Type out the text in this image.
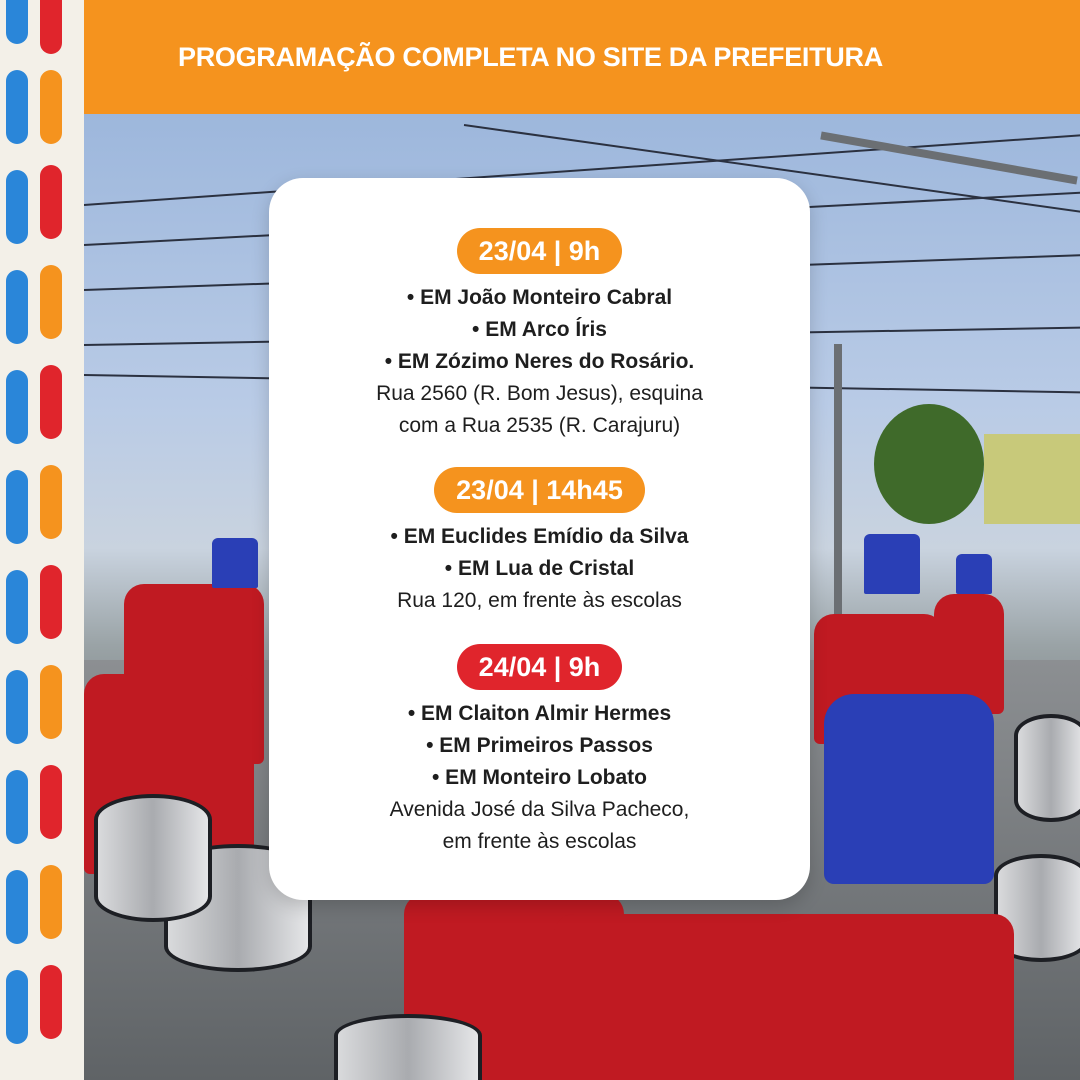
PROGRAMAÇÃO COMPLETA NO SITE DA PREFEITURA
23/04 | 9h
• EM João Monteiro Cabral
• EM Arco Íris
• EM Zózimo Neres do Rosário.
Rua 2560 (R. Bom Jesus), esquina
com a Rua 2535 (R. Carajuru)
23/04 | 14h45
• EM Euclides Emídio da Silva
• EM Lua de Cristal
Rua 120, em frente às escolas
24/04 | 9h
• EM Claiton Almir Hermes
• EM Primeiros Passos
• EM Monteiro Lobato
Avenida José da Silva Pacheco,
em frente às escolas
